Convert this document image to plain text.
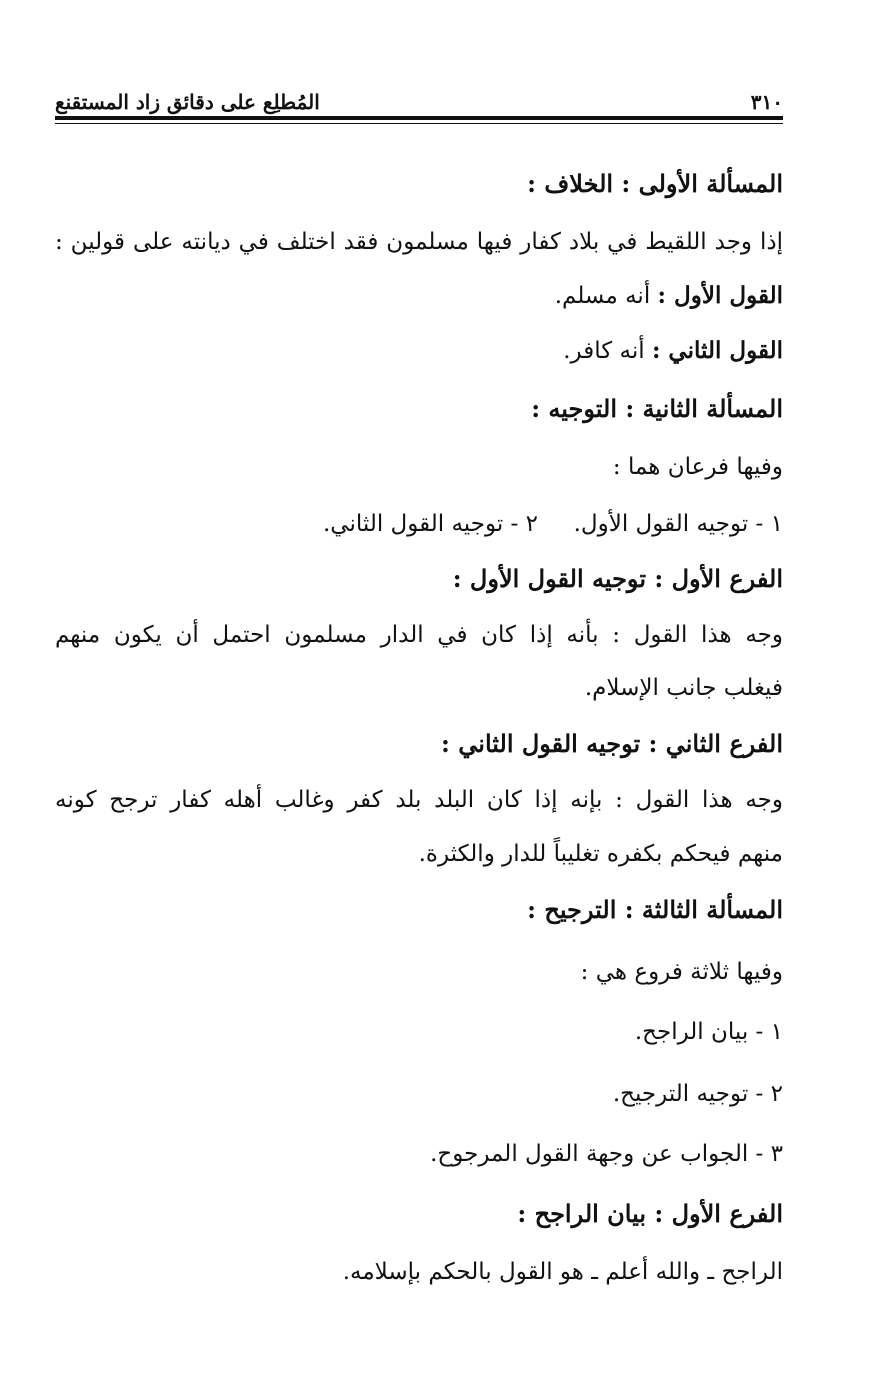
٣١٠
المُطلِع على دقائق زاد المستقنع
المسألة الأولى : الخلاف :
إذا وجد اللقيط في بلاد كفار فيها مسلمون فقد اختلف في ديانته على قولين :
القول الأول : أنه مسلم.
القول الثاني : أنه كافر.
المسألة الثانية : التوجيه :
وفيها فرعان هما :
١ - توجيه القول الأول.
٢ - توجيه القول الثاني.
الفرع الأول : توجيه القول الأول :
وجه هذا القول : بأنه إذا كان في الدار مسلمون احتمل أن يكون منهم
فيغلب جانب الإسلام.
الفرع الثاني : توجيه القول الثاني :
وجه هذا القول : بإنه إذا كان البلد بلد كفر وغالب أهله كفار ترجح كونه
منهم فيحكم بكفره تغليباً للدار والكثرة.
المسألة الثالثة : الترجيح :
وفيها ثلاثة فروع هي :
١ - بيان الراجح.
٢ - توجيه الترجيح.
٣ - الجواب عن وجهة القول المرجوح.
الفرع الأول : بيان الراجح :
الراجح ـ والله أعلم ـ هو القول بالحكم بإسلامه.
